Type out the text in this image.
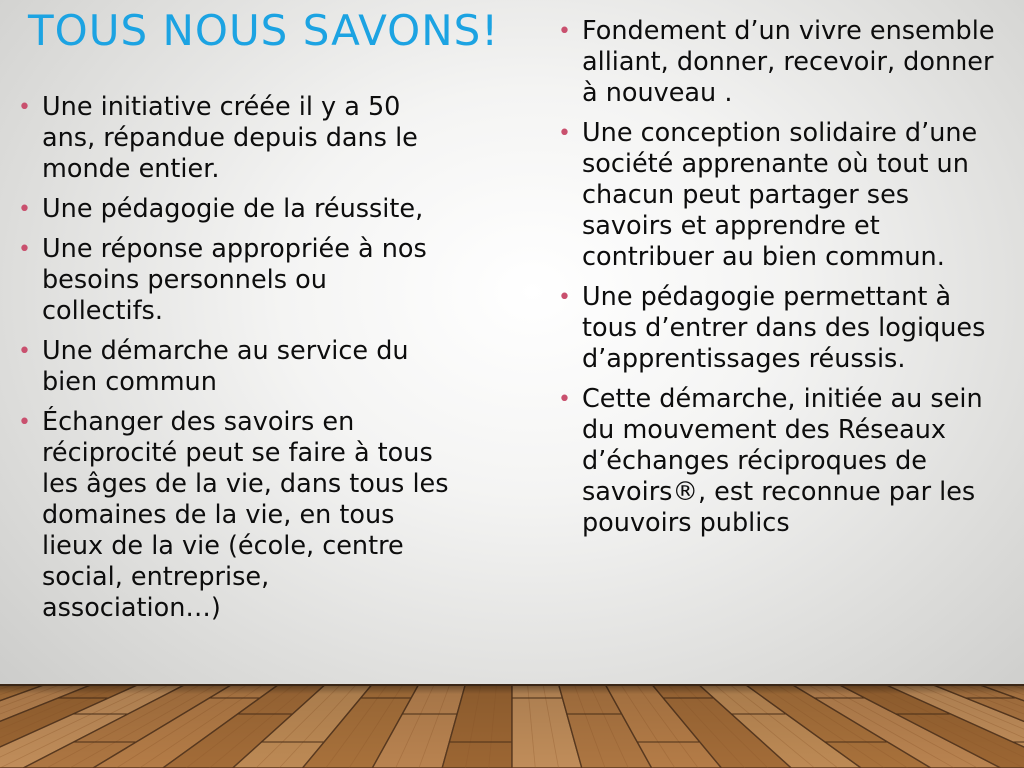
TOUS NOUS SAVONS!
• Une initiative créée il y a 50 ans, répandue depuis dans le monde entier.
• Une pédagogie de la réussite,
• Une réponse appropriée à nos besoins personnels ou collectifs.
• Une démarche au service du bien commun
• Échanger des savoirs en réciprocité peut se faire à tous les âges de la vie, dans tous les domaines de la vie, en tous lieux de la vie (école, centre social, entreprise, association…)
• Fondement d’un vivre ensemble alliant, donner, recevoir, donner à nouveau .
• Une conception solidaire d’une société apprenante où tout un chacun peut partager ses savoirs et apprendre et contribuer au bien commun.
• Une pédagogie permettant à tous d’entrer dans des logiques d’apprentissages réussis.
• Cette démarche, initiée au sein du mouvement des Réseaux d’échanges réciproques de savoirs®, est reconnue par les pouvoirs publics
